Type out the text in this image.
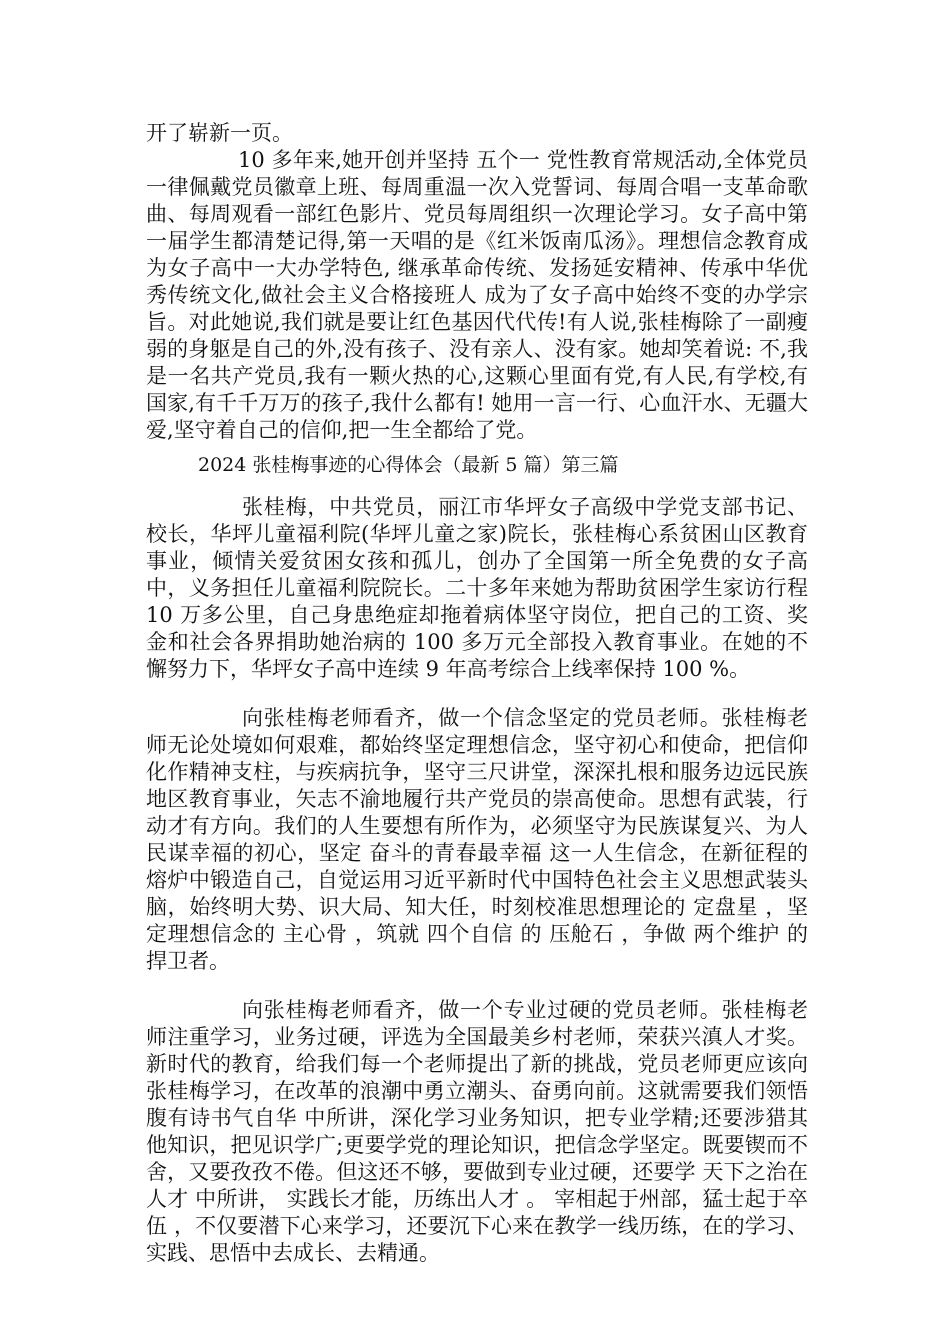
开了崭新一页。

10 多年来,她开创并坚持 五个一 党性教育常规活动,全体党员一律佩戴党员徽章上班、每周重温一次入党誓词、每周合唱一支革命歌曲、每周观看一部红色影片、党员每周组织一次理论学习。女子高中第一届学生都清楚记得,第一天唱的是《红米饭南瓜汤》。理想信念教育成为女子高中一大办学特色, 继承革命传统、发扬延安精神、传承中华优秀传统文化,做社会主义合格接班人 成为了女子高中始终不变的办学宗旨。对此她说,我们就是要让红色基因代代传!有人说,张桂梅除了一副瘦弱的身躯是自己的外,没有孩子、没有亲人、没有家。她却笑着说: 不,我是一名共产党员,我有一颗火热的心,这颗心里面有党,有人民,有学校,有国家,有千千万万的孩子,我什么都有! 她用一言一行、心血汗水、无疆大爱,坚守着自己的信仰,把一生全都给了党。

2024 张桂梅事迹的心得体会（最新 5 篇）第三篇

张桂梅，中共党员，丽江市华坪女子高级中学党支部书记、校长，华坪儿童福利院(华坪儿童之家)院长，张桂梅心系贫困山区教育事业，倾情关爱贫困女孩和孤儿，创办了全国第一所全免费的女子高中，义务担任儿童福利院院长。二十多年来她为帮助贫困学生家访行程 10 万多公里，自己身患绝症却拖着病体坚守岗位，把自己的工资、奖金和社会各界捐助她治病的 100 多万元全部投入教育事业。在她的不懈努力下，华坪女子高中连续 9 年高考综合上线率保持 100 %。

向张桂梅老师看齐，做一个信念坚定的党员老师。张桂梅老师无论处境如何艰难，都始终坚定理想信念，坚守初心和使命，把信仰化作精神支柱，与疾病抗争，坚守三尺讲堂，深深扎根和服务边远民族地区教育事业，矢志不渝地履行共产党员的崇高使命。思想有武装，行动才有方向。我们的人生要想有所作为，必须坚守为民族谋复兴、为人民谋幸福的初心，坚定 奋斗的青春最幸福 这一人生信念，在新征程的熔炉中锻造自己，自觉运用习近平新时代中国特色社会主义思想武装头脑，始终明大势、识大局、知大任，时刻校准思想理论的 定盘星 ，坚定理想信念的 主心骨 ，筑就 四个自信 的 压舱石 ，争做 两个维护 的捍卫者。

向张桂梅老师看齐，做一个专业过硬的党员老师。张桂梅老师注重学习，业务过硬，评选为全国最美乡村老师，荣获兴滇人才奖。新时代的教育，给我们每一个老师提出了新的挑战，党员老师更应该向张桂梅学习，在改革的浪潮中勇立潮头、奋勇向前。这就需要我们领悟 腹有诗书气自华 中所讲，深化学习业务知识，把专业学精;还要涉猎其他知识，把见识学广;更要学党的理论知识，把信念学坚定。既要锲而不舍，又要孜孜不倦。但这还不够，要做到专业过硬，还要学 天下之治在人才 中所讲， 实践长才能，历练出人才 。 宰相起于州部，猛士起于卒伍 ，不仅要潜下心来学习，还要沉下心来在教学一线历练，在的学习、实践、思悟中去成长、去精通。
